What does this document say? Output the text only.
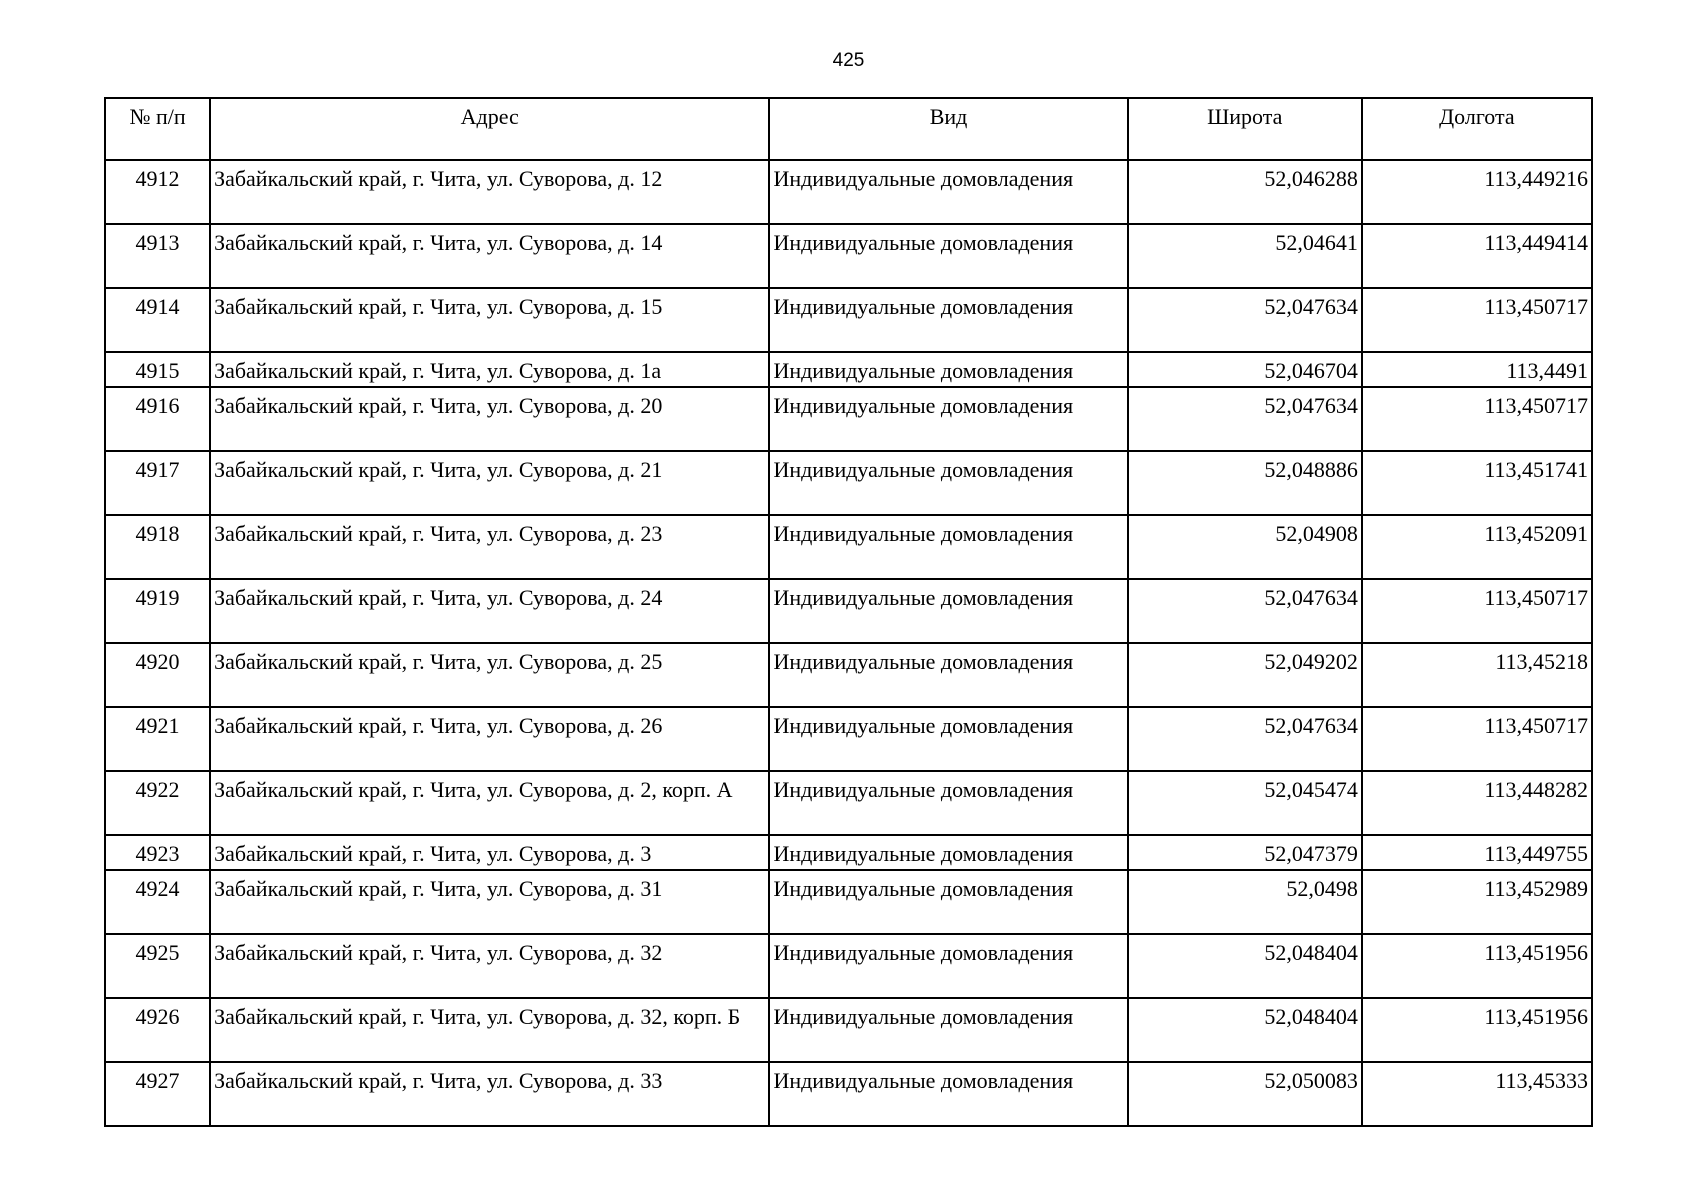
425
№ п/п	Адрес	Вид	Широта	Долгота
4912	Забайкальский край, г. Чита, ул. Суворова, д. 12	Индивидуальные домовладения	52,046288	113,449216
4913	Забайкальский край, г. Чита, ул. Суворова, д. 14	Индивидуальные домовладения	52,04641	113,449414
4914	Забайкальский край, г. Чита, ул. Суворова, д. 15	Индивидуальные домовладения	52,047634	113,450717
4915	Забайкальский край, г. Чита, ул. Суворова, д. 1а	Индивидуальные домовладения	52,046704	113,4491
4916	Забайкальский край, г. Чита, ул. Суворова, д. 20	Индивидуальные домовладения	52,047634	113,450717
4917	Забайкальский край, г. Чита, ул. Суворова, д. 21	Индивидуальные домовладения	52,048886	113,451741
4918	Забайкальский край, г. Чита, ул. Суворова, д. 23	Индивидуальные домовладения	52,04908	113,452091
4919	Забайкальский край, г. Чита, ул. Суворова, д. 24	Индивидуальные домовладения	52,047634	113,450717
4920	Забайкальский край, г. Чита, ул. Суворова, д. 25	Индивидуальные домовладения	52,049202	113,45218
4921	Забайкальский край, г. Чита, ул. Суворова, д. 26	Индивидуальные домовладения	52,047634	113,450717
4922	Забайкальский край, г. Чита, ул. Суворова, д. 2, корп. А	Индивидуальные домовладения	52,045474	113,448282
4923	Забайкальский край, г. Чита, ул. Суворова, д. 3	Индивидуальные домовладения	52,047379	113,449755
4924	Забайкальский край, г. Чита, ул. Суворова, д. 31	Индивидуальные домовладения	52,0498	113,452989
4925	Забайкальский край, г. Чита, ул. Суворова, д. 32	Индивидуальные домовладения	52,048404	113,451956
4926	Забайкальский край, г. Чита, ул. Суворова, д. 32, корп. Б	Индивидуальные домовладения	52,048404	113,451956
4927	Забайкальский край, г. Чита, ул. Суворова, д. 33	Индивидуальные домовладения	52,050083	113,45333
